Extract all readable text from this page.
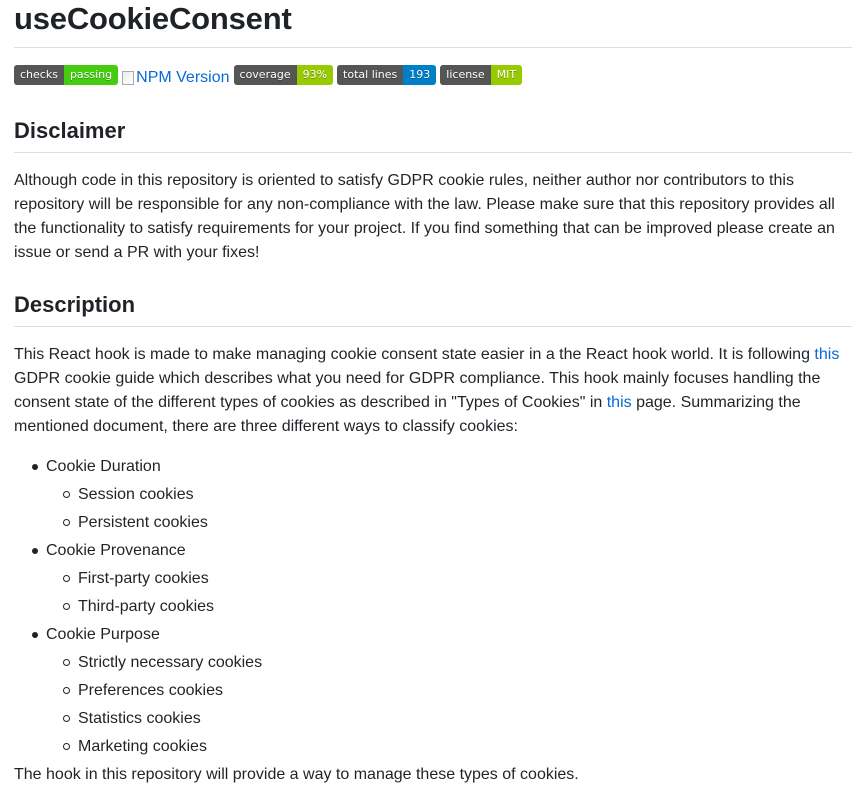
useCookieConsent
checks	passing	NPM Version coverage	93%	total lines	193	license	MIT
Disclaimer

Although code in this repository is oriented to satisfy GDPR cookie rules, neither author nor contributors to this repository will be responsible for any non-compliance with the law. Please make sure that this repository provides all the functionality to satisfy requirements for your project. If you find something that can be improved please create an issue or send a PR with your fixes!

Description

This React hook is made to make managing cookie consent state easier in a the React hook world. It is following this GDPR cookie guide which describes what you need for GDPR compliance. This hook mainly focuses handling the consent state of the different types of cookies as described in "Types of Cookies" in this page. Summarizing the mentioned document, there are three different ways to classify cookies:

Cookie Duration
Session cookies
Persistent cookies
Cookie Provenance
First-party cookies
Third-party cookies
Cookie Purpose
Strictly necessary cookies
Preferences cookies
Statistics cookies
Marketing cookies

The hook in this repository will provide a way to manage these types of cookies.
